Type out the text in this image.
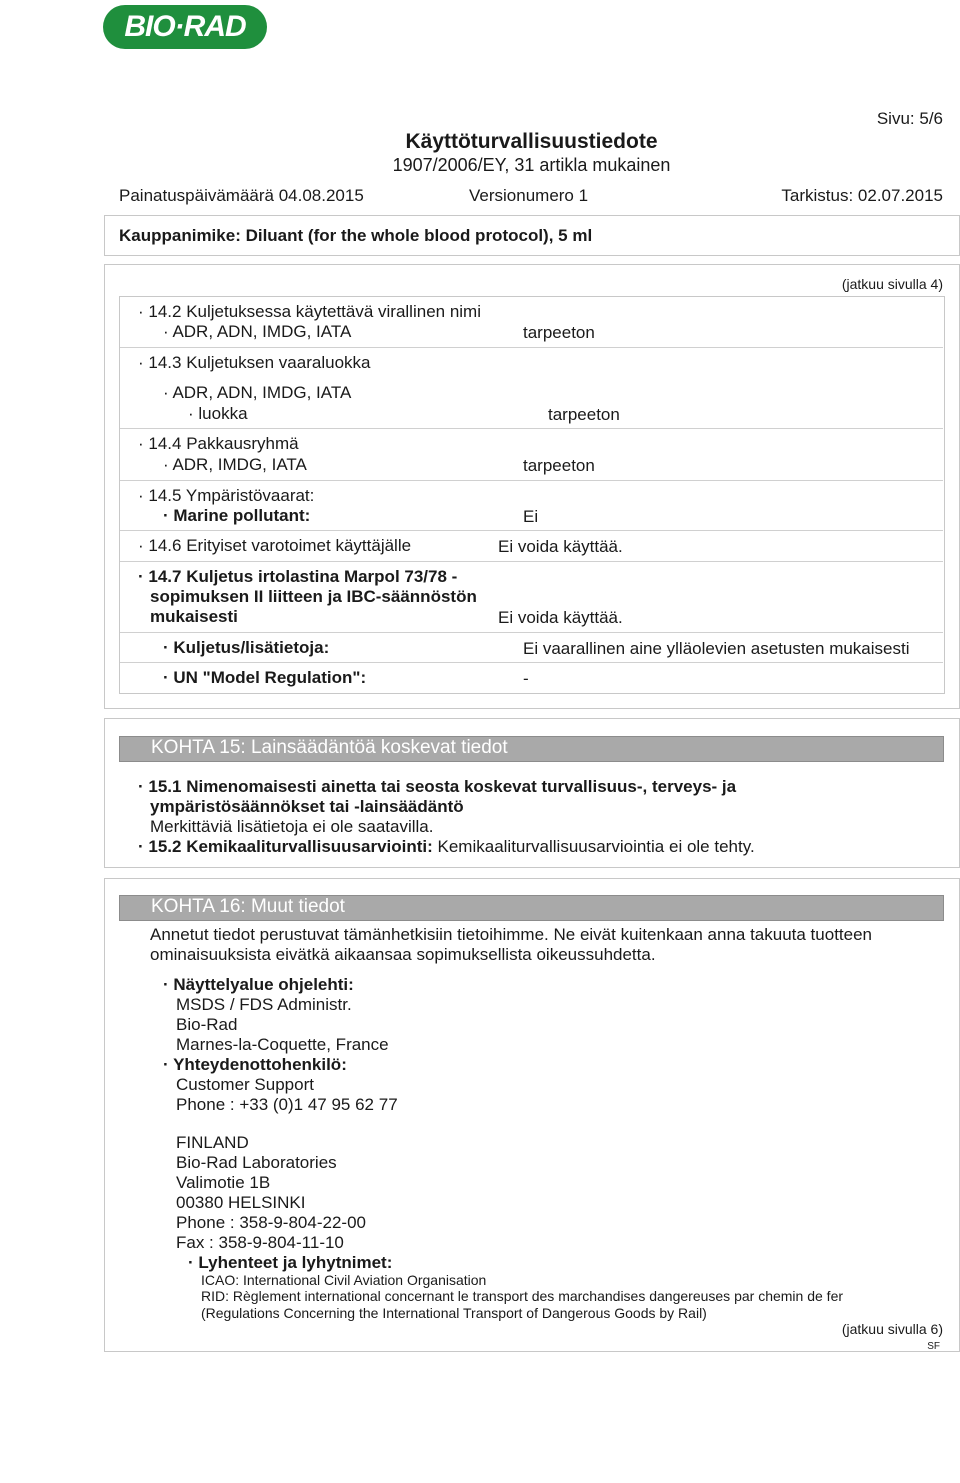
BIO·RAD
Sivu: 5/6
Käyttöturvallisuustiedote
1907/2006/EY, 31 artikla mukainen
Painatuspäivämäärä 04.08.2015	Versionumero 1	Tarkistus: 02.07.2015
Kauppanimike: Diluant (for the whole blood protocol), 5 ml
(jatkuu sivulla 4)
· 14.2 Kuljetuksessa käytettävä virallinen nimi
· ADR, ADN, IMDG, IATA	tarpeeton
· 14.3 Kuljetuksen vaaraluokka
· ADR, ADN, IMDG, IATA
· luokka	tarpeeton
· 14.4 Pakkausryhmä
· ADR, IMDG, IATA	tarpeeton
· 14.5 Ympäristövaarat:
· Marine pollutant:	Ei
· 14.6 Erityiset varotoimet käyttäjälle	Ei voida käyttää.
· 14.7 Kuljetus irtolastina Marpol 73/78 -
sopimuksen II liitteen ja IBC-säännöstön
mukaisesti	Ei voida käyttää.
· Kuljetus/lisätietoja:	Ei vaarallinen aine ylläolevien asetusten mukaisesti
· UN "Model Regulation":	-
KOHTA 15: Lainsäädäntöä koskevat tiedot
· 15.1 Nimenomaisesti ainetta tai seosta koskevat turvallisuus-, terveys- ja
ympäristösäännökset tai -lainsäädäntö
Merkittäviä lisätietoja ei ole saatavilla.
· 15.2 Kemikaaliturvallisuusarviointi: Kemikaaliturvallisuusarviointia ei ole tehty.
KOHTA 16: Muut tiedot
Annetut tiedot perustuvat tämänhetkisiin tietoihimme. Ne eivät kuitenkaan anna takuuta tuotteen
ominaisuuksista eivätkä aikaansaa sopimuksellista oikeussuhdetta.
· Näyttelyalue ohjelehti:
MSDS / FDS Administr.
Bio-Rad
Marnes-la-Coquette, France
· Yhteydenottohenkilö:
Customer Support
Phone : +33 (0)1 47 95 62 77
FINLAND
Bio-Rad Laboratories
Valimotie 1B
00380 HELSINKI
Phone : 358-9-804-22-00
Fax : 358-9-804-11-10
· Lyhenteet ja lyhytnimet:
ICAO: International Civil Aviation Organisation
RID: Règlement international concernant le transport des marchandises dangereuses par chemin de fer
(Regulations Concerning the International Transport of Dangerous Goods by Rail)
(jatkuu sivulla 6)
SF
